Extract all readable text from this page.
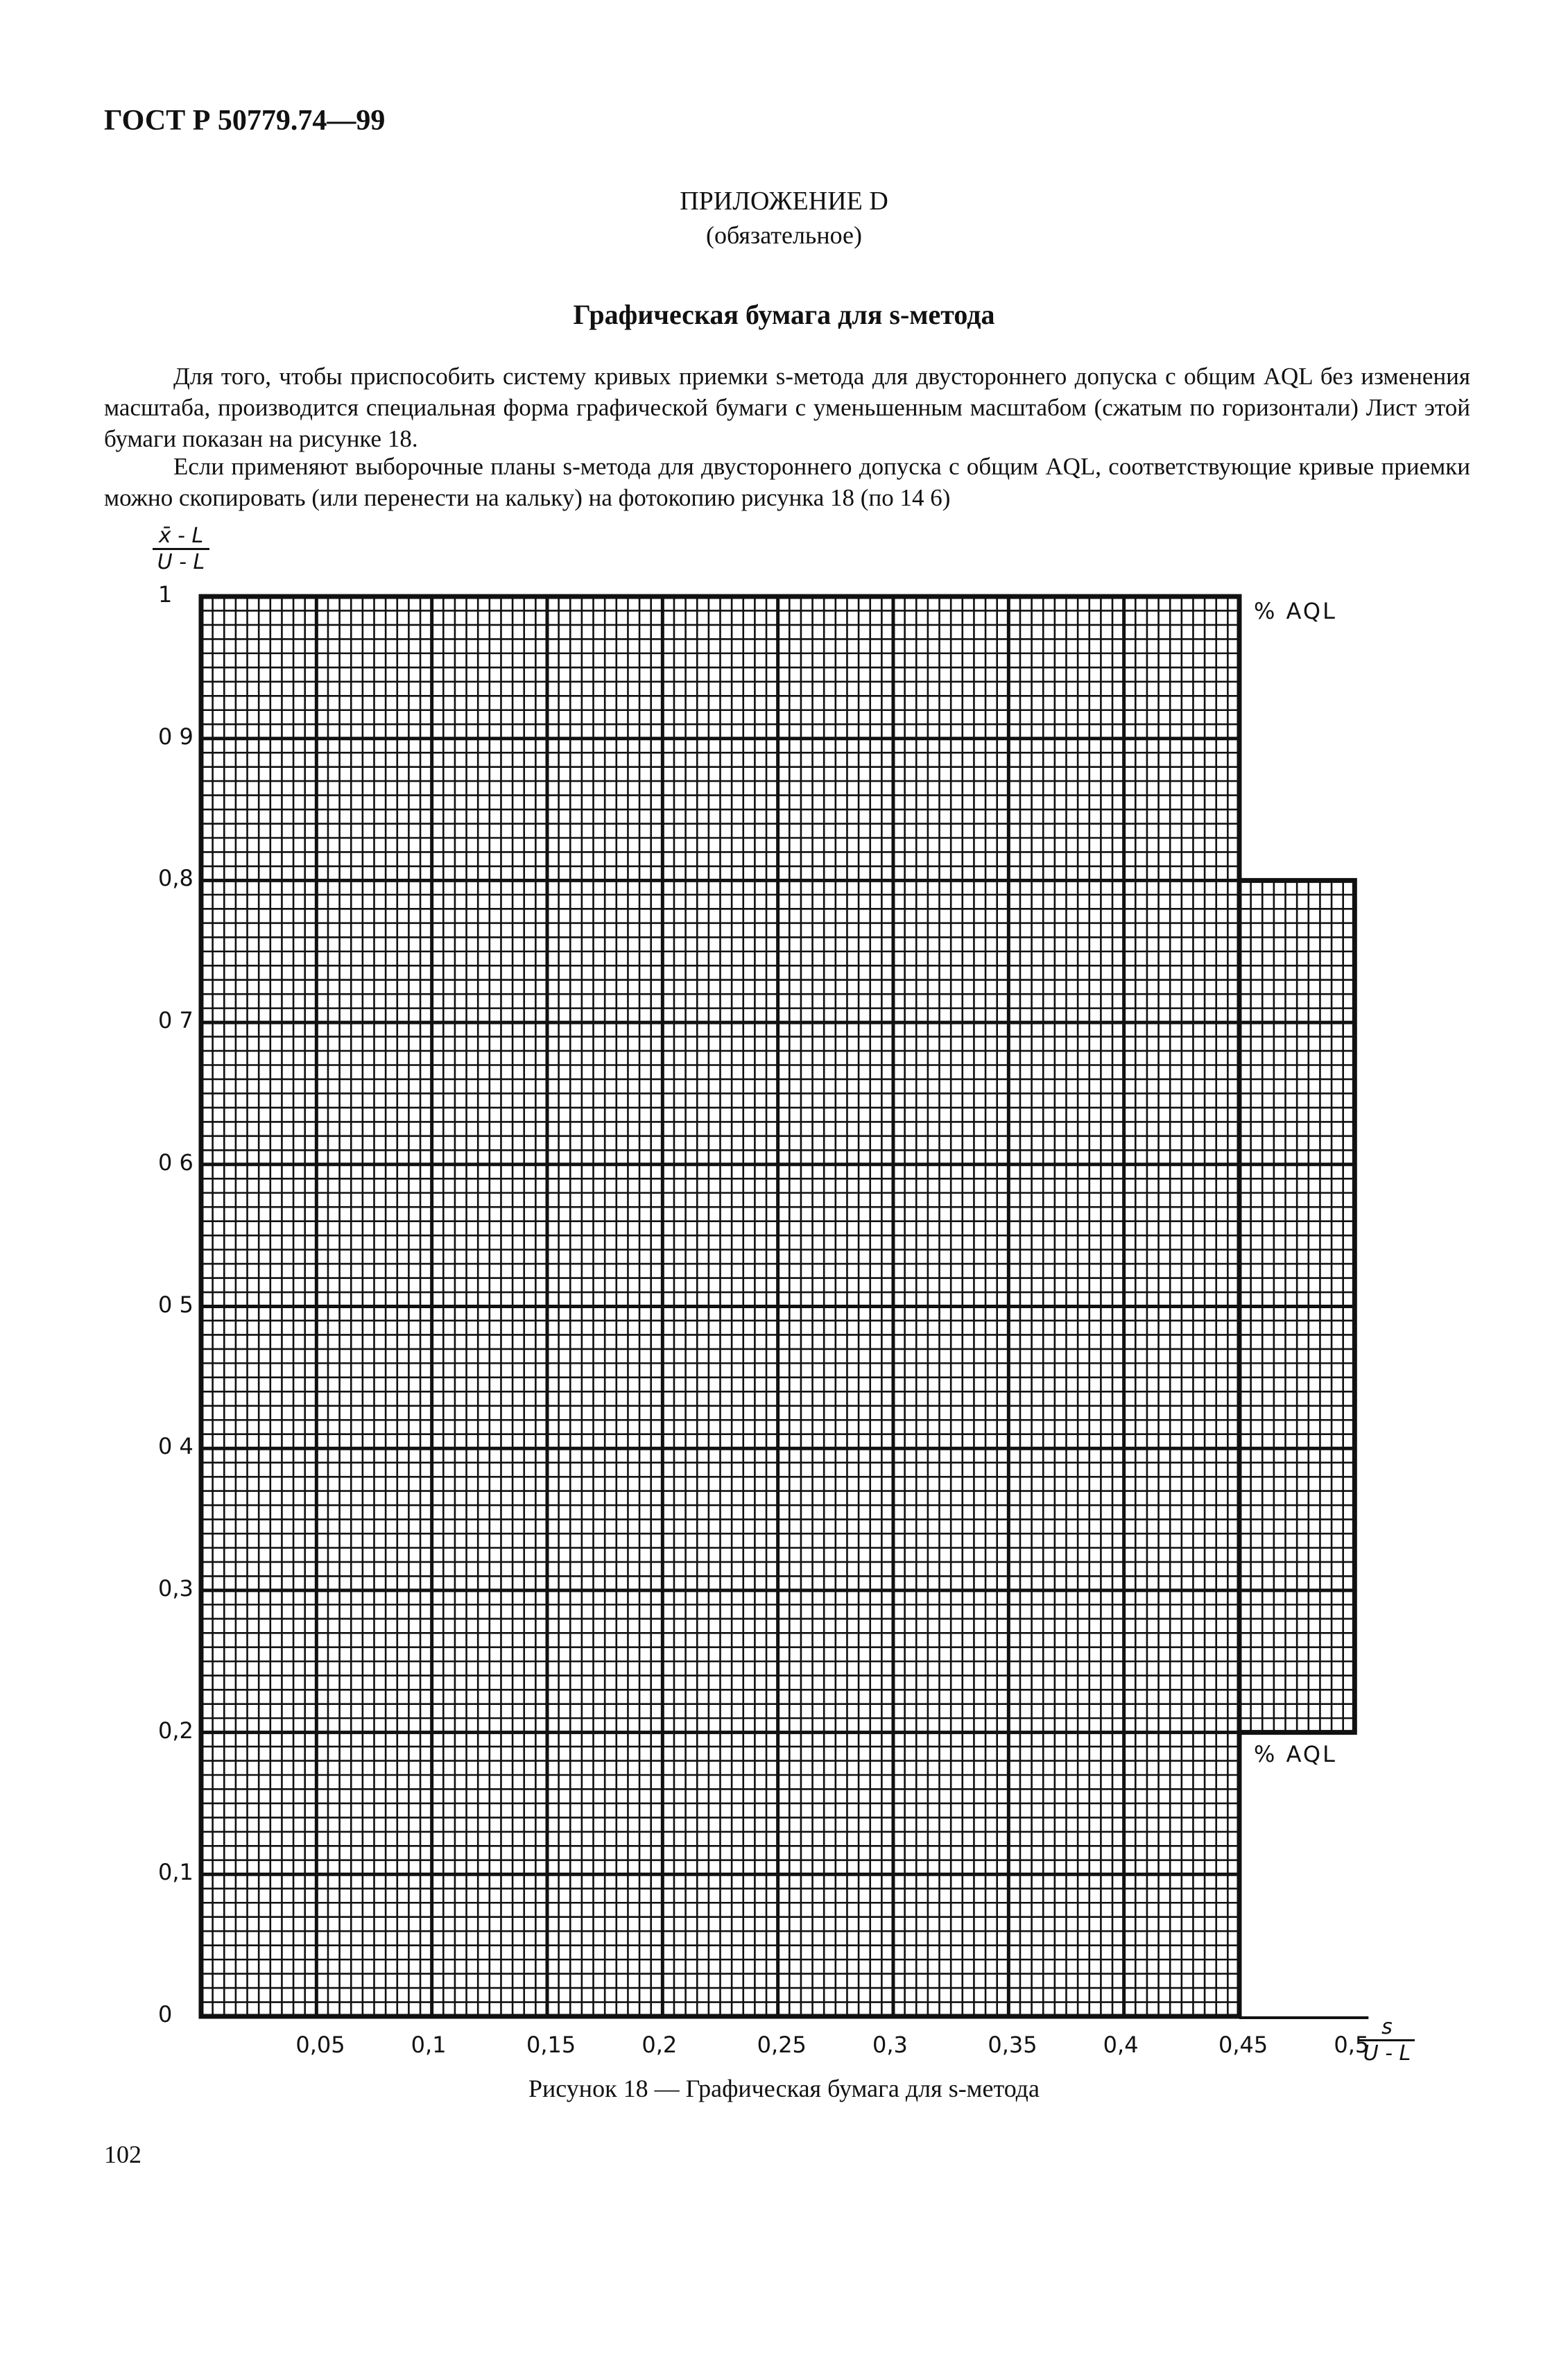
ГОСТ Р 50779.74—99
ПРИЛОЖЕНИЕ D
(обязательное)
Графическая бумага для s-метода
Для того, чтобы приспособить систему кривых приемки s-метода для двустороннего допуска с общим AQL без изменения масштаба, производится специальная форма графической бумаги с уменьшенным масштабом (сжатым по горизонтали) Лист этой бумаги показан на рисунке 18.
Если применяют выборочные планы s-метода для двустороннего допуска с общим AQL, соответствующие кривые приемки можно скопировать (или перенести на кальку) на фотокопию рисунка 18 (по 14 6)
x̄ - L
U - L
s
U - L
% AQL
% AQL
0,05	0,1	0,15	0,2	0,25	0,3	0,35	0,4	0,45	0,5
0
0,1
0,2
0,3
0 4
0 5
0 6
0 7
0,8
0 9
1
Рисунок 18 — Графическая бумага для s-метода
102
